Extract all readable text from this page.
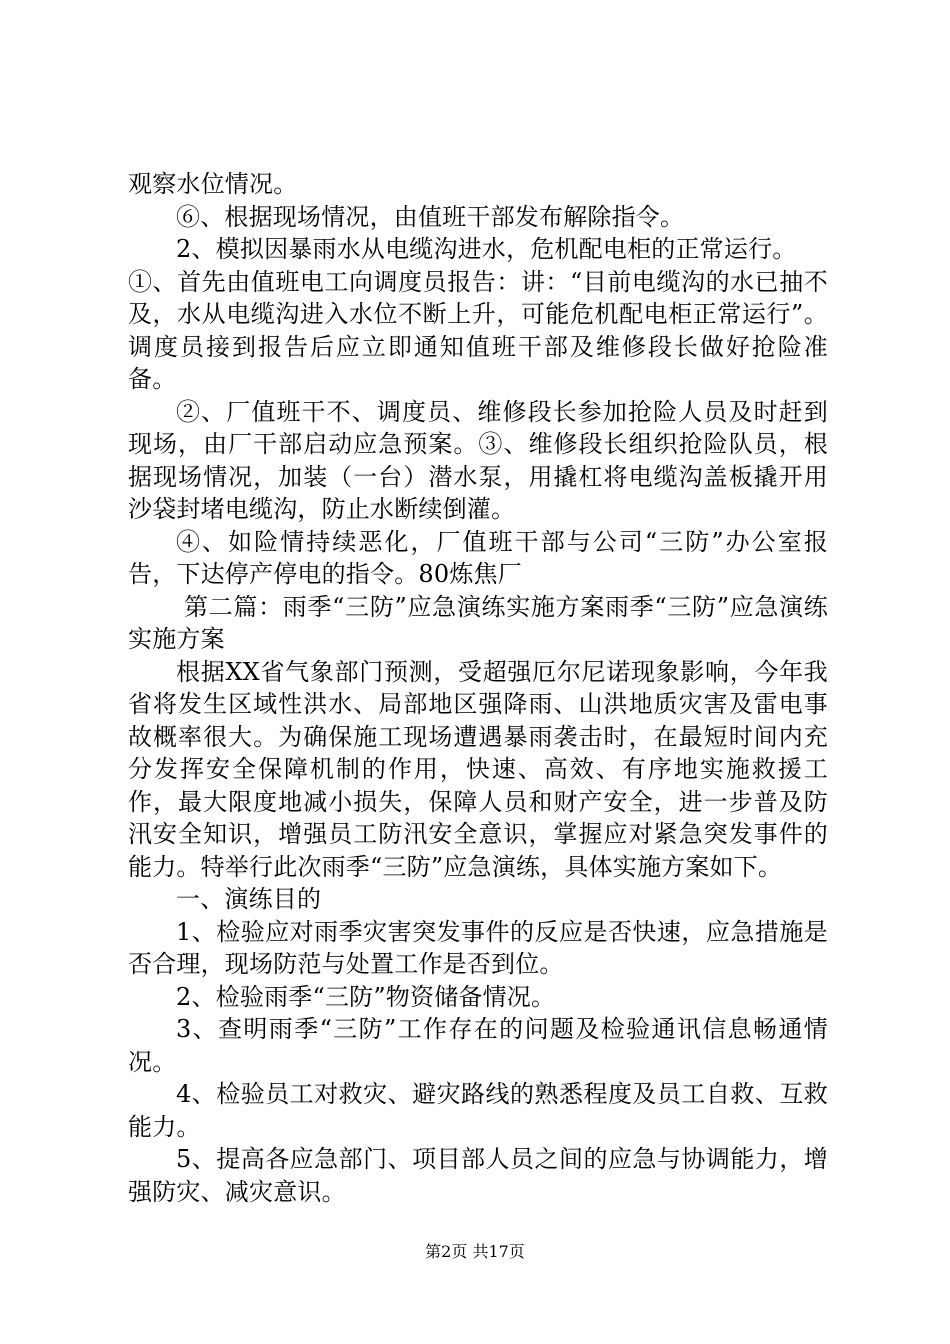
观察水位情况。

⑥、根据现场情况，由值班干部发布解除指令。

2、模拟因暴雨水从电缆沟进水，危机配电柜的正常运行。

①、首先由值班电工向调度员报告：讲：“目前电缆沟的水已抽不及，水从电缆沟进入水位不断上升，可能危机配电柜正常运行”。调度员接到报告后应立即通知值班干部及维修段长做好抢险准备。

②、厂值班干不、调度员、维修段长参加抢险人员及时赶到现场，由厂干部启动应急预案。③、维修段长组织抢险队员，根据现场情况，加装（一台）潜水泵，用撬杠将电缆沟盖板撬开用沙袋封堵电缆沟，防止水断续倒灌。

④、如险情持续恶化，厂值班干部与公司“三防”办公室报告，下达停产停电的指令。80炼焦厂

第二篇：雨季“三防”应急演练实施方案雨季“三防”应急演练实施方案

根据XX省气象部门预测，受超强厄尔尼诺现象影响，今年我省将发生区域性洪水、局部地区强降雨、山洪地质灾害及雷电事故概率很大。为确保施工现场遭遇暴雨袭击时，在最短时间内充分发挥安全保障机制的作用，快速、高效、有序地实施救援工作，最大限度地减小损失，保障人员和财产安全，进一步普及防汛安全知识，增强员工防汛安全意识，掌握应对紧急突发事件的能力。特举行此次雨季“三防”应急演练，具体实施方案如下。

一、演练目的

1、检验应对雨季灾害突发事件的反应是否快速，应急措施是否合理，现场防范与处置工作是否到位。

2、检验雨季“三防”物资储备情况。

3、查明雨季“三防”工作存在的问题及检验通讯信息畅通情况。

4、检验员工对救灾、避灾路线的熟悉程度及员工自救、互救能力。

5、提高各应急部门、项目部人员之间的应急与协调能力，增强防灾、减灾意识。

第2页 共17页
